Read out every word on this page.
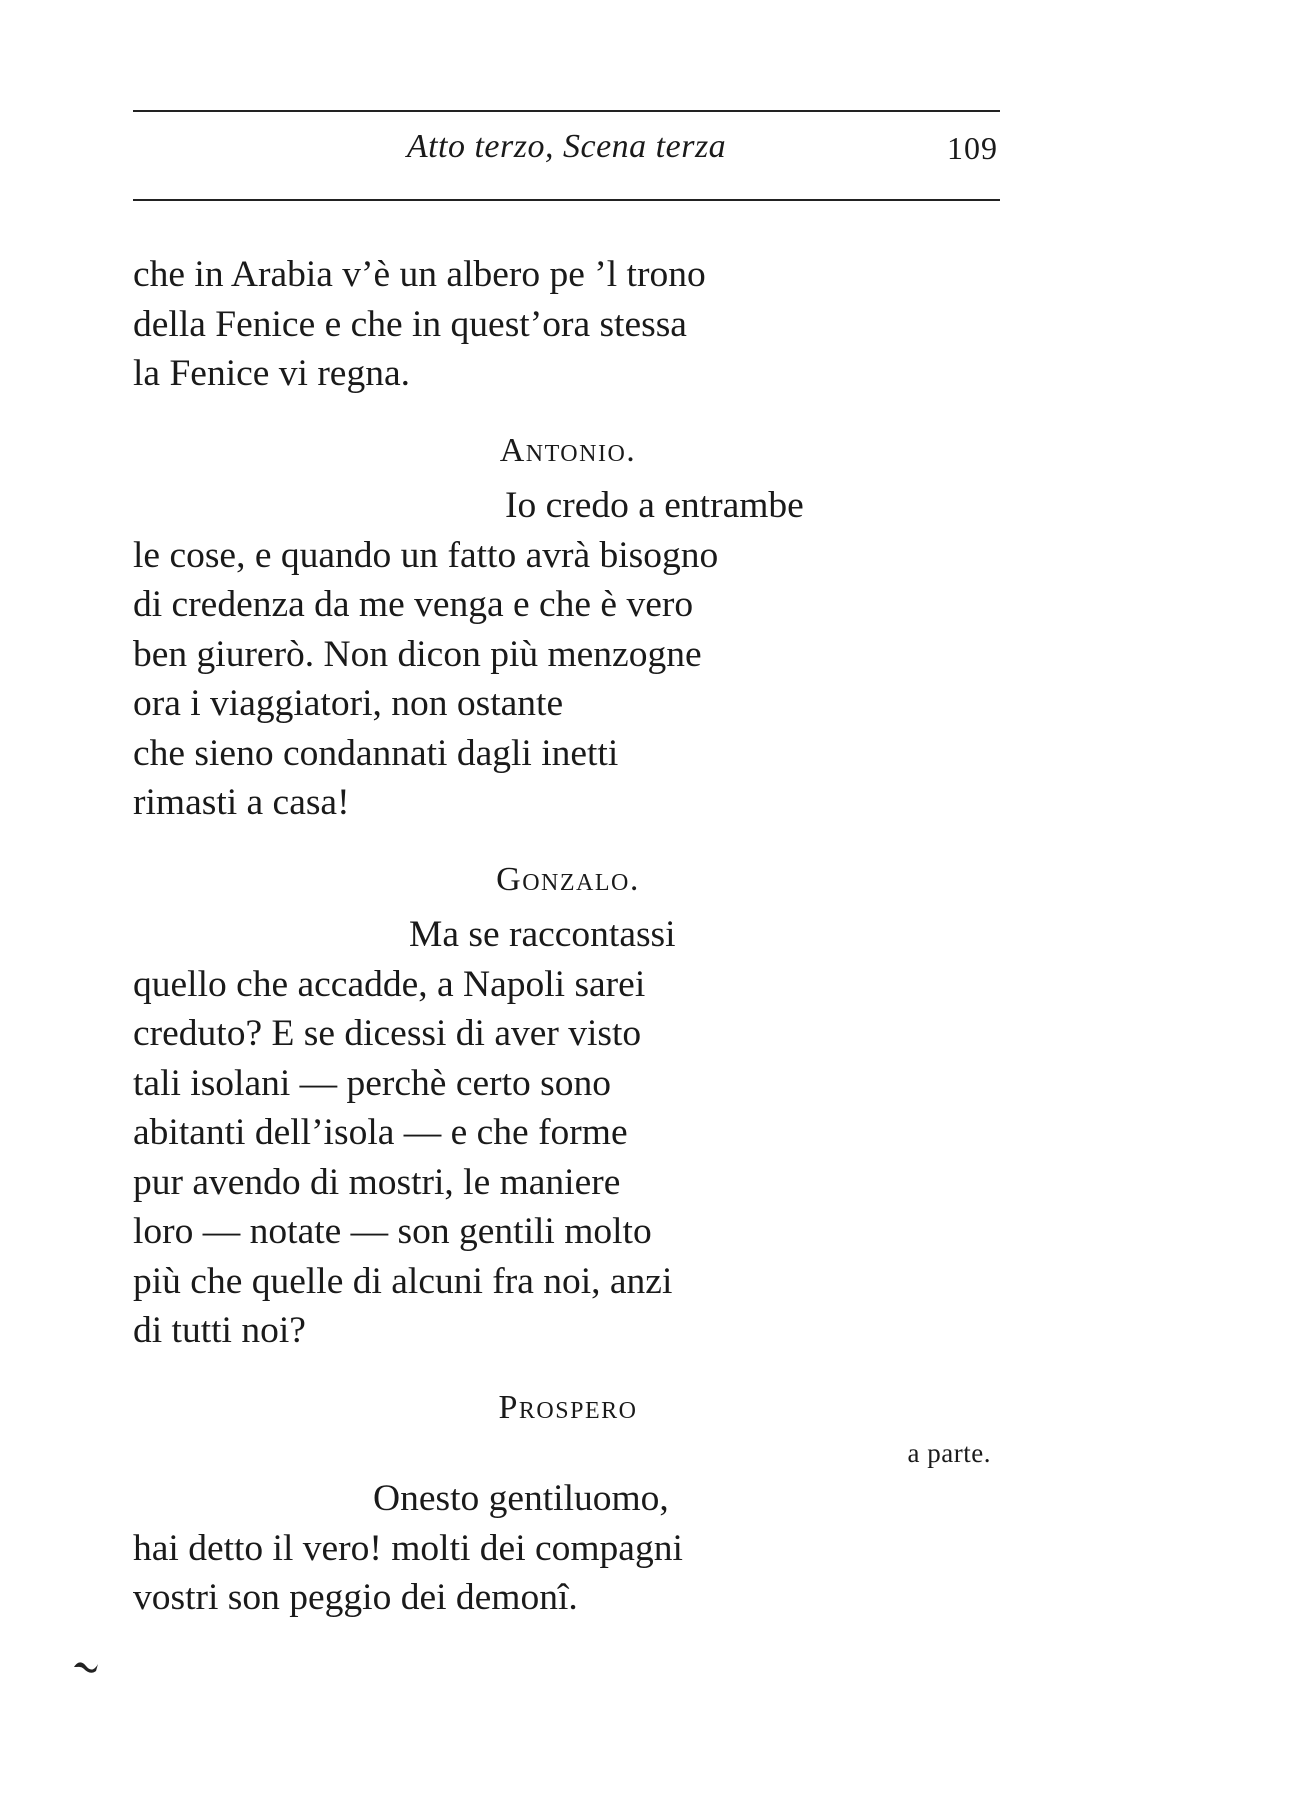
Atto terzo, Scena terza	109
che in Arabia v’è un albero pe ’l trono
della Fenice e che in quest’ora stessa
la Fenice vi regna.
Antonio.
Io credo a entrambe
le cose, e quando un fatto avrà bisogno
di credenza da me venga e che è vero
ben giurerò. Non dicon più menzogne
ora i viaggiatori, non ostante
che sieno condannati dagli inetti
rimasti a casa!
Gonzalo.
Ma se raccontassi
quello che accadde, a Napoli sarei
creduto? E se dicessi di aver visto
tali isolani — perchè certo sono
abitanti dell’isola — e che forme
pur avendo di mostri, le maniere
loro — notate — son gentili molto
più che quelle di alcuni fra noi, anzi
di tutti noi?
Prospero
a parte.
Onesto gentiluomo,
hai detto il vero! molti dei compagni
vostri son peggio dei demonî.
